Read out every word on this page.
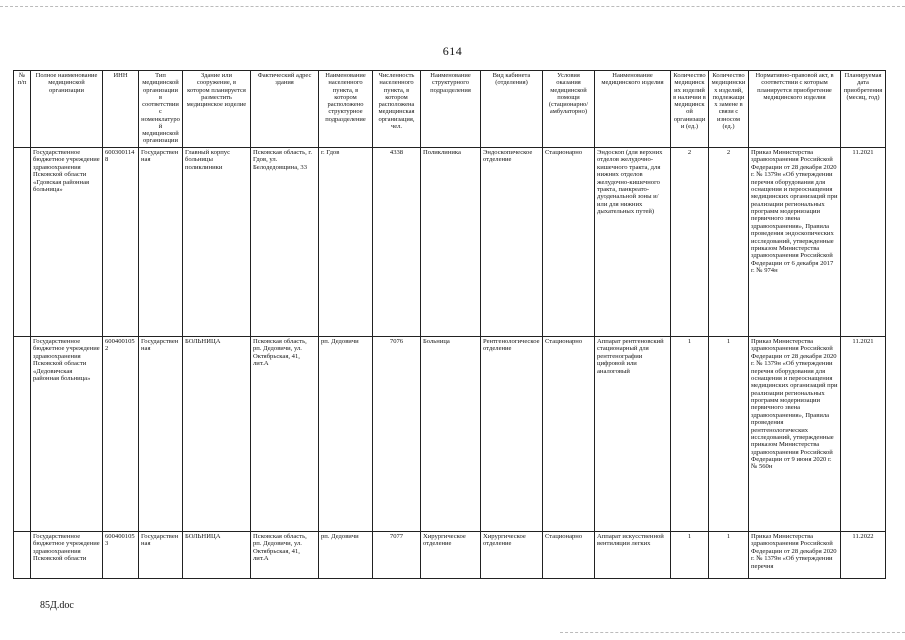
614
№ п/п	Полное наименование медицинской организации	ИНН	Тип медицинской организации в соответствии с номенклатурой медицинской организации	Здание или сооружение, в котором планируется разместить медицинское изделие	Фактический адрес здания	Наименование населенного пункта, в котором расположено структурное подразделение	Численность населенного пункта, в котором расположена медицинская организация, чел.	Наименование структурного подразделения	Вид кабинета (отделения)	Условия оказания медицинской помощи (стационарно/амбулаторно)	Наименование медицинского изделия	Количество медицинских изделий в наличии в медицинской организации (ед.)	Количество медицинских изделий, подлежащих замене в связи с износом (ед.)	Нормативно-правовой акт, в соответствии с которым планируется приобретение медицинского изделия	Планируемая дата приобретения (месяц, год)
	Государственное бюджетное учреждение здравоохранения Псковской области «Гдовская районная больница»	6003001148	Государственная	Главный корпус больницы поликлиники	Псковская область, г. Гдов, ул. Белодедовщина, 33	г. Гдов	4338	Поликлиника	Эндоскопическое отделение	Стационарно	Эндоскоп (для верхних отделов желудочно-кишечного тракта, для нижних отделов желудочно-кишечного тракта, панкреато-дуоденальной зоны и/или для нижних дыхательных путей)	2	2	Приказ Министерства здравоохранения Российской Федерации от 28 декабря 2020 г. № 1379н «Об утверждении перечня оборудования для оснащения и переоснащения медицинских организаций при реализации региональных программ модернизации первичного звена здравоохранения», Правила проведения эндоскопических исследований, утвержденные приказом Министерства здравоохранения Российской Федерации от 6 декабря 2017 г. № 974н	11.2021
	Государственное бюджетное учреждение здравоохранения Псковской области «Дедовичская районная больница»	6004001052	Государственная	БОЛЬНИЦА	Псковская область, рп. Дедовичи, ул. Октябрьская, 41, лит.А	рп. Дедовичи	7076	Больница	Рентгенологическое отделение	Стационарно	Аппарат рентгеновский стационарный для рентгенографии цифровой или аналоговый	1	1	Приказ Министерства здравоохранения Российской Федерации от 28 декабря 2020 г. № 1379н «Об утверждении перечня оборудования для оснащения и переоснащения медицинских организаций при реализации региональных программ модернизации первичного звена здравоохранения», Правила проведения рентгенологических исследований, утвержденные приказом Министерства здравоохранения Российской Федерации от 9 июня 2020 г. № 560н	11.2021
	Государственное бюджетное учреждение здравоохранения Псковской области	6004001053	Государственная	БОЛЬНИЦА	Псковская область, рп. Дедовичи, ул. Октябрьская, 41, лит.А	рп. Дедовичи	7077	Хирургическое отделение	Хирургическое отделение	Стационарно	Аппарат искусственной вентиляции легких	1	1	Приказ Министерства здравоохранения Российской Федерации от 28 декабря 2020 г. № 1379н «Об утверждении перечня	11.2022
85Д.doc
